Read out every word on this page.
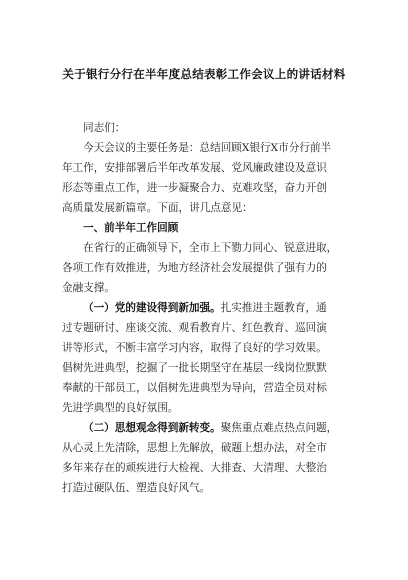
关于银行分行在半年度总结表彰工作会议上的讲话材料
同志们：
今天会议的主要任务是：总结回顾X银行X市分行前半
年工作，安排部署后半年改革发展、党风廉政建设及意识
形态等重点工作，进一步凝聚合力、克难攻坚，奋力开创
高质量发展新篇章。下面，讲几点意见：
一、前半年工作回顾
在省行的正确领导下，全市上下勠力同心、锐意进取，
各项工作有效推进，为地方经济社会发展提供了强有力的
金融支撑。
（一）党的建设得到新加强。扎实推进主题教育，通
过专题研讨、座谈交流、观看教育片、红色教育、巡回演
讲等形式，不断丰富学习内容，取得了良好的学习效果。
倡树先进典型，挖掘了一批长期坚守在基层一线岗位默默
奉献的干部员工，以倡树先进典型为导向，营造全员对标
先进学典型的良好氛围。
（二）思想观念得到新转变。聚焦重点难点热点问题，
从心灵上先清除，思想上先解放，破题上想办法，对全市
多年来存在的顽疾进行大检视、大排查、大清理、大整治
打造过硬队伍、塑造良好风气。
